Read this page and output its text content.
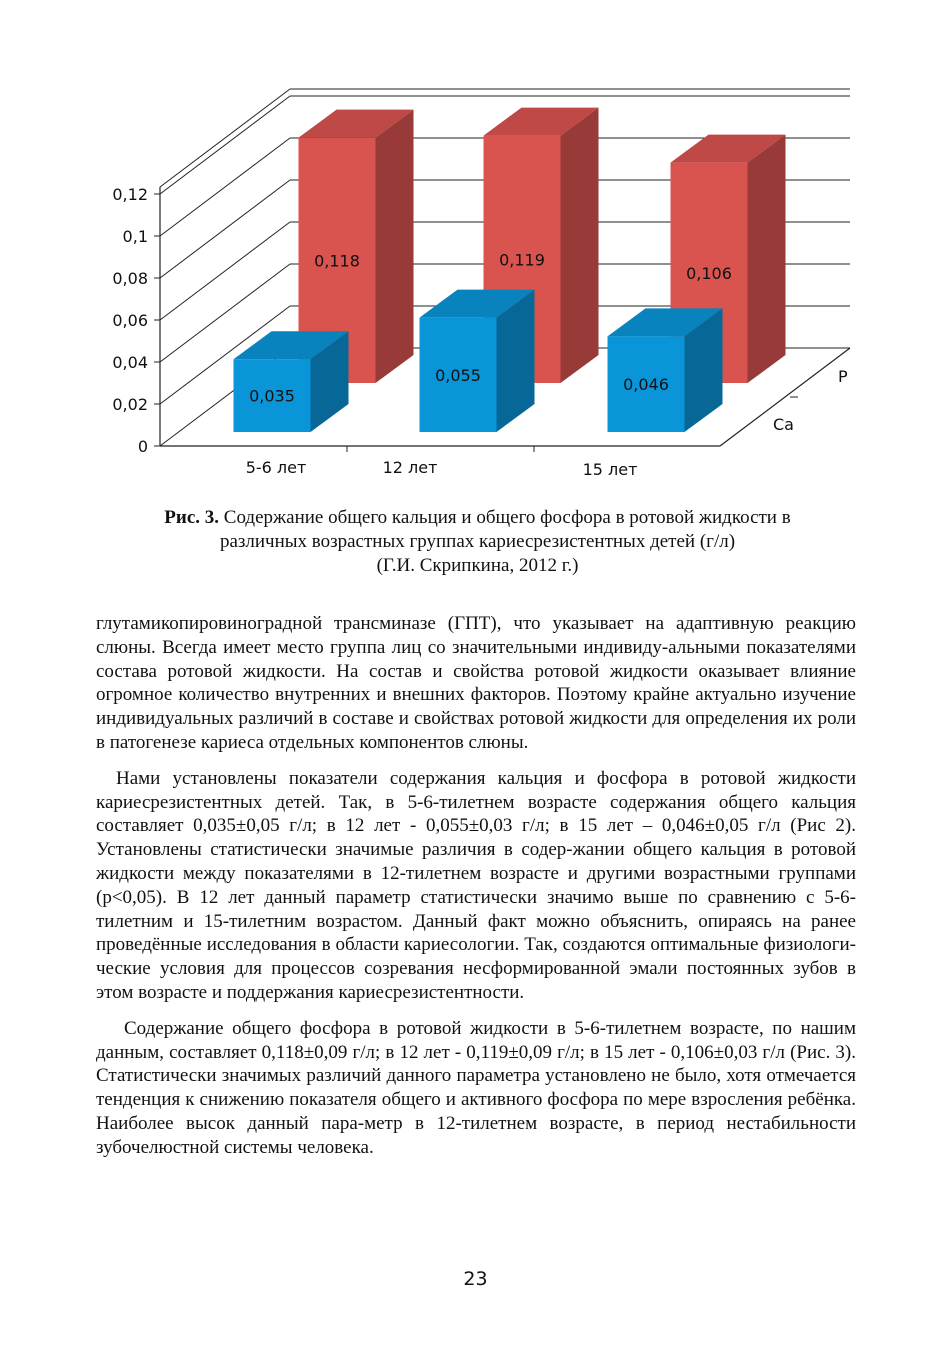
0
0,02
0,04
0,06
0,08
0,1
0,12
0,118	0,119
0,106
0,035
0,055	0,046
5-6 лет	12 лет	15 лет
P
Ca
Рис. 3. Содержание общего кальция и общего фосфора в ротовой жидкости в
различных возрастных группах кариесрезистентных детей (г/л)
(Г.И. Скрипкина, 2012 г.)

глутамикопировиноградной трансминазе (ГПТ), что указывает на адаптивную реакцию слюны. Всегда имеет место группа лиц со значительными индивиду-альными показателями состава ротовой жидкости. На состав и свойства ротовой жидкости оказывает влияние огромное количество внутренних и внешних факторов. Поэтому крайне актуально изучение индивидуальных различий в составе и свойствах ротовой жидкости для определения их роли в патогенезе кариеса отдельных компонентов слюны.

Нами установлены показатели содержания кальция и фосфора в ротовой жидкости кариесрезистентных детей. Так, в 5-6-тилетнем возрасте содержания общего кальция составляет 0,035±0,05 г/л; в 12 лет - 0,055±0,03 г/л; в 15 лет – 0,046±0,05 г/л (Рис 2). Установлены статистически значимые различия в содер-жании общего кальция в ротовой жидкости между показателями в 12-тилетнем возрасте и другими возрастными группами (p<0,05). В 12 лет данный параметр статистически значимо выше по сравнению с 5-6-тилетним и 15-тилетним возрастом. Данный факт можно объяснить, опираясь на ранее проведённые исследования в области кариесологии. Так, создаются оптимальные физиологи-ческие условия для процессов созревания несформированной эмали постоянных зубов в этом возрасте и поддержания кариесрезистентности.

Содержание общего фосфора в ротовой жидкости в 5-6-тилетнем возрасте, по нашим данным, составляет 0,118±0,09 г/л; в 12 лет - 0,119±0,09 г/л; в 15 лет - 0,106±0,03 г/л (Рис. 3). Статистически значимых различий данного параметра установлено не было, хотя отмечается тенденция к снижению показателя общего и активного фосфора по мере взросления ребёнка. Наиболее высок данный пара-метр в 12-тилетнем возрасте, в период нестабильности зубочелюстной системы человека.

23
